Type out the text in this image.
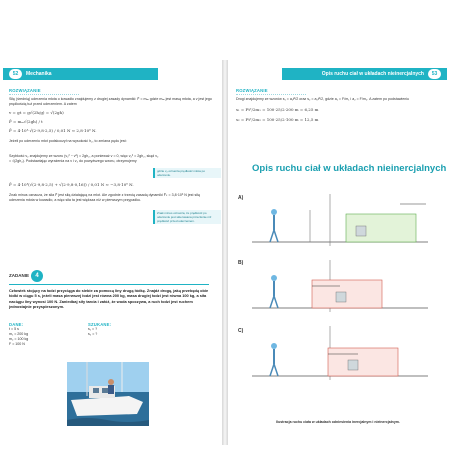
Mechanika
52
ROZWIĄZANIE
Siłę (średnią) uderzenia młota o kowadło znajdujemy z drugiej zasady dynamiki: F̄ = mₘ gdzie mₘ jest masą młota, a v jest jego prędkością tuż przed uderzeniem. A zatem
v = gt = g√(2h/g) = √(2gh)
F̄ = mₘ√(2gh) / t
F̄ = 4·10³·√(2·9,8·2,5) / 0,01 N ≈ 2,8·10⁶ N.
Jeżeli po uderzeniu młot podskoczył na wysokość h₂, to zmiana pędu jest:
Szybkość v₂ znajdujemy ze wzoru (v₂² − v²) = 2gh₂, a ponieważ v = 0, więc v₂² = 2gh₂, skąd v₂ = √(2gh₂). Podstawiając wyrażenia na v i v₂ do powyższego wzoru, otrzymujemy
F̄ = 4·10³(√(2·9,8·2,5) + √(2·9,8·0,16)) / 0,01 N ≈ −3,8·10⁶ N.
Znak minus oznacza, że siła F̄ jest siłą działającą na młot. Ale zgodnie z trzecią zasadą dynamiki F̄ₖ = 3,8·10⁶ N jest siłą uderzenia młota w kowadło, a więc siła ta jest większa niż w pierwszym przypadku.
gdzie v₂ oznacza prędkość młota po uderzeniu.
Znak minus oznacza, że prędkość po uderzeniu jest skierowana przeciwnie niż prędkość przed uderzeniem.
ZADANIE	4
Człowiek stojący na łodzi przyciąga do siebie za pomocą liny drugą łódkę. Znajdź drogę, jaką przebędą obie łódki w ciągu 5 s, jeżeli masa pierwszej łodzi jest równa 200 kg, masa drugiej łodzi jest równa 100 kg, a siła naciągu liny wynosi 100 N. Zaniedbaj siły tarcia i załóż, że woda spoczywa, a ruch łodzi jest ruchem jednostajnie przyspieszonym.
DANE:
t = 5 s
m₁ = 200 kg
m₂ = 100 kg
F = 100 N
SZUKANE:
s₁ = ?
s₂ = ?
Opis ruchu ciał w układach nieinercjalnych	53
ROZWIĄZANIE
Drogi znajdujemy ze wzorów s₁ = a₁t²/2 oraz s₂ = a₂t²/2, gdzie a₁ = F/m₁ i a₂ = F/m₂. A zatem po podstawieniu
s₁ = Ft²/2m₁ = 100·25/2·200 m = 6,25 m
s₂ = Ft²/2m₂ = 100·25/2·100 m = 12,5 m
Opis ruchu ciał w układach nieinercjalnych
A)
B)
C)
Ilustracja ruchu ciała w układach odniesienia inercjalnym i nieinercjalnym.
